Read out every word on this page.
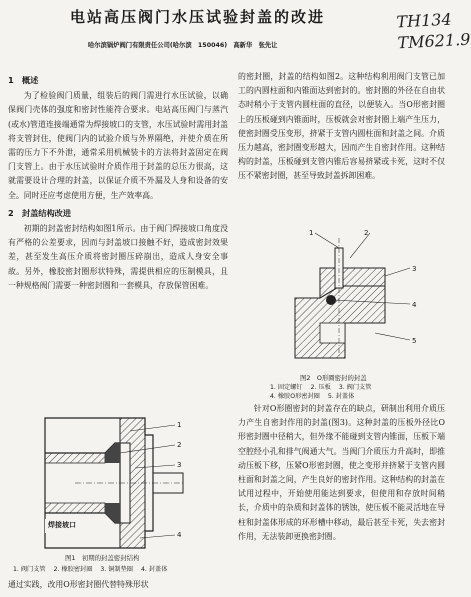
电站高压阀门水压试验封盖的改进	TH134
TM621.9
哈尔滨锅炉阀门有限责任公司(哈尔滨　150046)　高新华　张先让
1　概述

为了检验阀门质量，组装后的阀门需进行水压试验，以确保阀门壳体的强度和密封性能符合要求。电站高压阀门与蒸汽(或水)管道连接端通常为焊接坡口的支管，水压试验时需用封盖将支管封住，使阀门内的试验介质与外界隔绝，并使介质在所需的压力下不外泄，通常采用机械装卡的方法将封盖固定在阀门支管上。由于水压试验时介质作用于封盖的总压力很高，这就需要设计合理的封盖，以保证介质不外漏及人身和设备的安全。同时还应考虑使用方便，生产效率高。

2　封盖结构改进

初期的封盖密封结构如图1所示。由于阀门焊接坡口角度没有严格的公差要求，因而与封盖坡口接触不好，造成密封效果差，甚至发生高压介质将密封圈压碎崩出，造成人身安全事故。另外，橡胶密封圈形状特殊，需提供相应的压制模具，且一种规格阀门需要一种密封圈和一套模具，存放保管困难。

1
2
3
4
焊接坡口
图1　初期的封盖密封结构
1. 阀门支管 2. 橡胶密封圈 3. 铜制垫圈 4. 封盖体

通过实践，改用O形密封圈代替特殊形状

的密封圈，封盖的结构如图2。这种结构利用阀门支管已加工的内圆柱面和内锥面达到密封的。密封圈的外径在自由状态时稍小于支管内圆柱面的直径，以便装入。当O形密封圈上的压板碰到内锥面时，压板就会对密封圈上端产生压力，使密封圈受压变形，挤紧于支管内圆柱面和封盖之间。介质压力越高，密封圈变形越大，因而产生自密封作用。这种结构的封盖，压板碰到支管内锥后容易挤紧或卡死，这时不仅压不紧密封圈，甚至导致封盖拆卸困难。

1	2
3
4
5
图2　O形圈密封的封盖
1. 固定螺钉 2. 压板 3. 阀门支管
4. 橡胶O形密封圈 5. 封盖体

针对O形圈密封的封盖存在的缺点，研制出利用介质压力产生自密封作用的封盖(图3)。这种封盖的压板外径比O形密封圈中径稍大，但外缘不能碰到支管内锥面，压板下端空腔经小孔和排气阀通大气。当阀门介质压力升高时，即推动压板下移，压紧O形密封圈，使之变形并挤紧于支管内圆柱面和封盖之间，产生良好的密封作用。这种结构的封盖在试用过程中，开始使用能达到要求，但使用和存放时间稍长，介质中的杂质和封盖体的锈蚀，使压板不能灵活地在导柱和封盖体形成的环形槽中移动，最后甚至卡死，失去密封作用，无法装卸更换密封圈。
